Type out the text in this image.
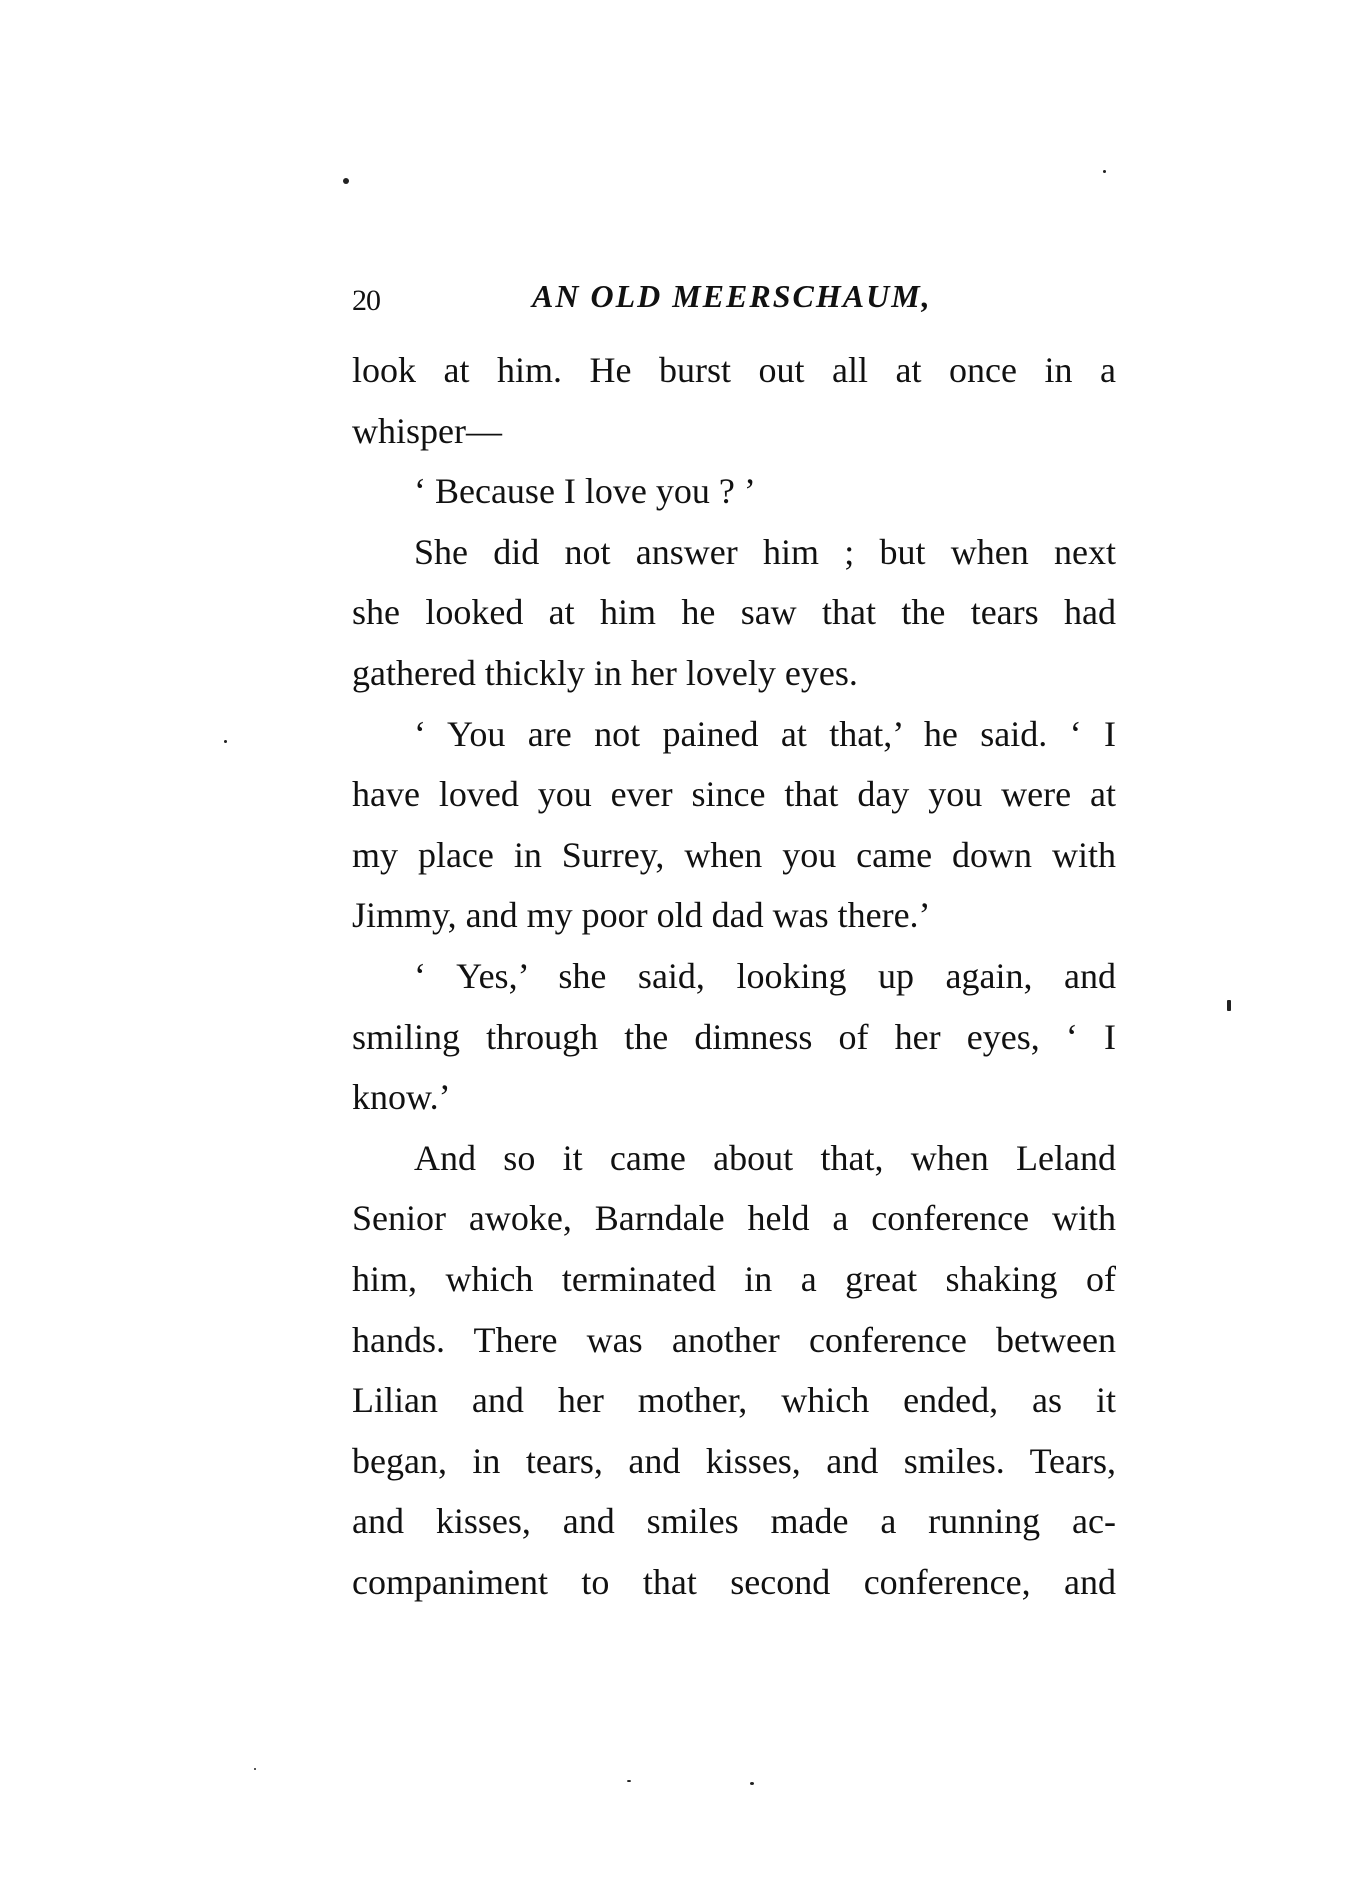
20	AN OLD MEERSCHAUM,
look at him. He burst out all at once in a
whisper—
‘ Because I love you ? ’
She did not answer him ; but when next
she looked at him he saw that the tears had
gathered thickly in her lovely eyes.
‘ You are not pained at that,’ he said. ‘ I
have loved you ever since that day you were at
my place in Surrey, when you came down with
Jimmy, and my poor old dad was there.’
‘ Yes,’ she said, looking up again, and
smiling through the dimness of her eyes, ‘ I
know.’
And so it came about that, when Leland
Senior awoke, Barndale held a conference with
him, which terminated in a great shaking of
hands. There was another conference between
Lilian and her mother, which ended, as it
began, in tears, and kisses, and smiles. Tears,
and kisses, and smiles made a running ac-
companiment to that second conference, and
